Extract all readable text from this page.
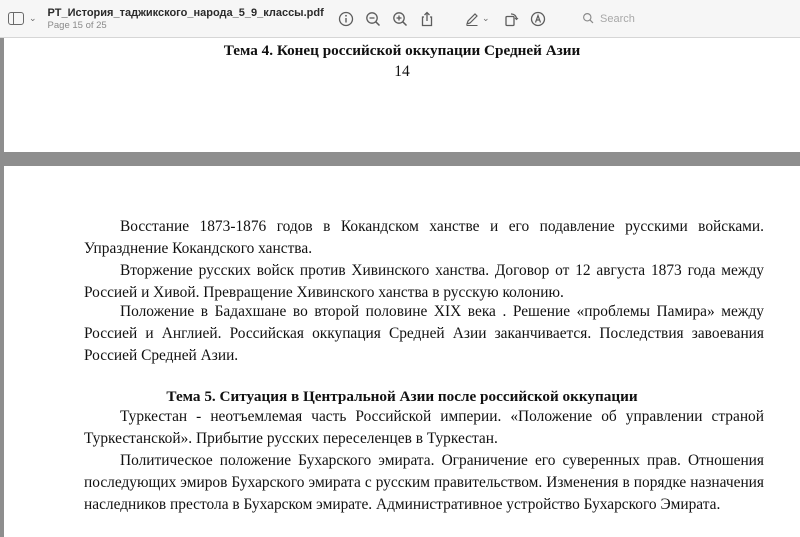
⌄ РТ_История_таджикского_народа_5_9_классы.pdf
Page 15 of 25
⌄
Search
Тема 4. Конец российской оккупации Средней Азии
14

Восстание 1873-1876 годов в Кокандском ханстве и его подавление русскими войсками. Упразднение Кокандского ханства.

Вторжение русских войск против Хивинского ханства. Договор от 12 августа 1873 года между Россией и Хивой. Превращение Хивинского ханства в русскую колонию.

Положение в Бадахшане во второй половине XIX века . Решение «проблемы Памира» между Россией и Англией. Российская оккупация Средней Азии заканчивается. Последствия завоевания Россией Средней Азии.

Тема 5. Ситуация в Центральной Азии после российской оккупации

Туркестан - неотъемлемая часть Российской империи. «Положение об управлении страной Туркестанской». Прибытие русских переселенцев в Туркестан.

Политическое положение Бухарского эмирата. Ограничение его суверенных прав. Отношения последующих эмиров Бухарского эмирата с русским правительством. Изменения в порядке назначения наследников престола в Бухарском эмирате. Административное устройство Бухарского Эмирата.
